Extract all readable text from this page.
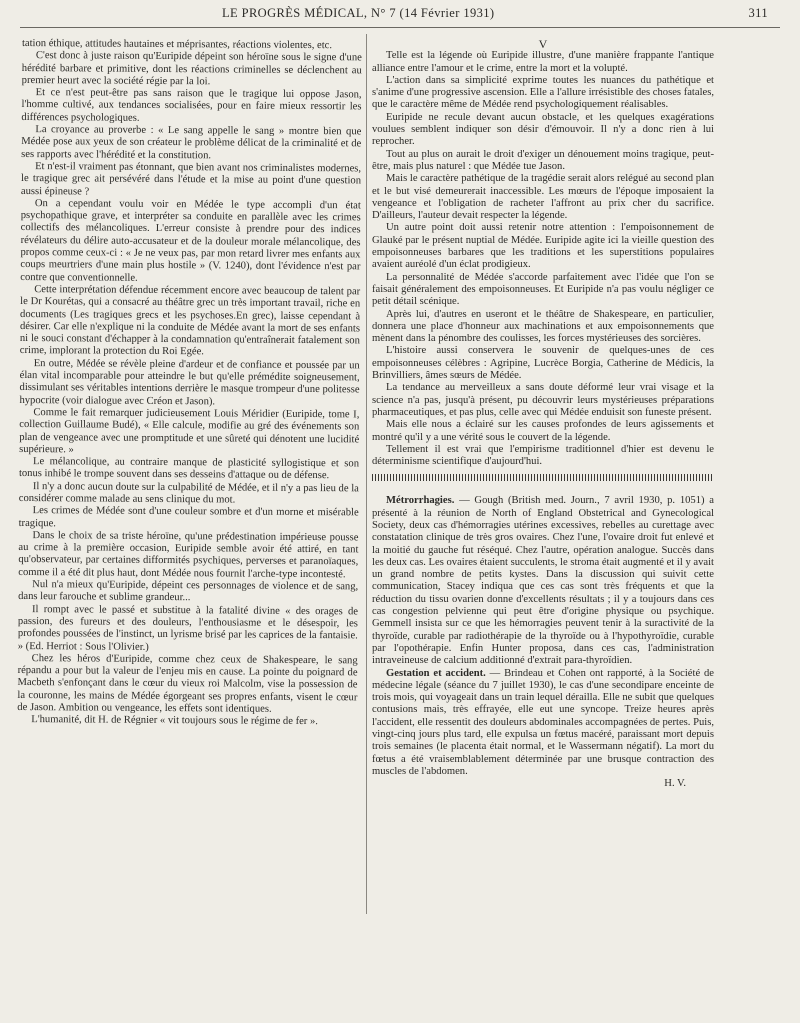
LE PROGRÈS MÉDICAL, N° 7 (14 Février 1931)	311

tation éthique, attitudes hautaines et méprisantes, réactions violentes, etc.

C'est donc à juste raison qu'Euripide dépeint son héroïne sous le signe d'une hérédité barbare et primitive, dont les réactions criminelles se déclenchent au premier heurt avec la société régie par la loi.

Et ce n'est peut-être pas sans raison que le tragique lui oppose Jason, l'homme cultivé, aux tendances socialisées, pour en faire mieux ressortir les différences psychologiques.

La croyance au proverbe : « Le sang appelle le sang » montre bien que Médée pose aux yeux de son créateur le problème délicat de la criminalité et de ses rapports avec l'hérédité et la constitution.

Et n'est-il vraiment pas étonnant, que bien avant nos criminalistes modernes, le tragique grec ait persévéré dans l'étude et la mise au point d'une question aussi épineuse ?

On a cependant voulu voir en Médée le type accompli d'un état psychopathique grave, et interpréter sa conduite en parallèle avec les crimes collectifs des mélancoliques. L'erreur consiste à prendre pour des indices révélateurs du délire auto-accusateur et de la douleur morale mélancolique, des propos comme ceux-ci : « Je ne veux pas, par mon retard livrer mes enfants aux coups meurtriers d'une main plus hostile » (V. 1240), dont l'évidence n'est par contre que conventionnelle.

Cette interprétation défendue récemment encore avec beaucoup de talent par le Dr Kourétas, qui a consacré au théâtre grec un très important travail, riche en documents (Les tragiques grecs et les psychoses.En grec), laisse cependant à désirer. Car elle n'explique ni la conduite de Médée avant la mort de ses enfants ni le souci constant d'échapper à la condamnation qu'entraînerait fatalement son crime, implorant la protection du Roi Egée.

En outre, Médée se révèle pleine d'ardeur et de confiance et poussée par un élan vital incomparable pour atteindre le but qu'elle prémédite soigneusement, dissimulant ses véritables intentions derrière le masque trompeur d'une politesse hypocrite (voir dialogue avec Créon et Jason).

Comme le fait remarquer judicieusement Louis Méridier (Euripide, tome I, collection Guillaume Budé), « Elle calcule, modifie au gré des événements son plan de vengeance avec une promptitude et une sûreté qui dénotent une lucidité supérieure. »

Le mélancolique, au contraire manque de plasticité syllogistique et son tonus inhibé le trompe souvent dans ses desseins d'attaque ou de défense.

Il n'y a donc aucun doute sur la culpabilité de Médée, et il n'y a pas lieu de la considérer comme malade au sens clinique du mot.

Les crimes de Médée sont d'une couleur sombre et d'un morne et misérable tragique.

Dans le choix de sa triste héroïne, qu'une prédestination impérieuse pousse au crime à la première occasion, Euripide semble avoir été attiré, en tant qu'observateur, par certaines difformités psychiques, perverses et paranoïaques, comme il a été dit plus haut, dont Médée nous fournit l'arche-type incontesté.

Nul n'a mieux qu'Euripide, dépeint ces personnages de violence et de sang, dans leur farouche et sublime grandeur...

Il rompt avec le passé et substitue à la fatalité divine « des orages de passion, des fureurs et des douleurs, l'enthousiasme et le désespoir, les profondes poussées de l'instinct, un lyrisme brisé par les caprices de la fantaisie. » (Ed. Herriot : Sous l'Olivier.)

Chez les héros d'Euripide, comme chez ceux de Shakespeare, le sang répandu a pour but la valeur de l'enjeu mis en cause. La pointe du poignard de Macbeth s'enfonçant dans le cœur du vieux roi Malcolm, vise la possession de la couronne, les mains de Médée égorgeant ses propres enfants, visent le cœur de Jason. Ambition ou vengeance, les effets sont identiques.

L'humanité, dit H. de Régnier « vit toujours sous le régime de fer ».

V

Telle est la légende où Euripide illustre, d'une manière frappante l'antique alliance entre l'amour et le crime, entre la mort et la volupté.

L'action dans sa simplicité exprime toutes les nuances du pathétique et s'anime d'une progressive ascension. Elle a l'allure irrésistible des choses fatales, que le caractère même de Médée rend psychologiquement réalisables.

Euripide ne recule devant aucun obstacle, et les quelques exagérations voulues semblent indiquer son désir d'émouvoir. Il n'y a donc rien à lui reprocher.

Tout au plus on aurait le droit d'exiger un dénouement moins tragique, peut-être, mais plus naturel : que Médée tue Jason.

Mais le caractère pathétique de la tragédie serait alors relégué au second plan et le but visé demeurerait inaccessible. Les mœurs de l'époque imposaient la vengeance et l'obligation de racheter l'affront au prix cher du sacrifice. D'ailleurs, l'auteur devait respecter la légende.

Un autre point doit aussi retenir notre attention : l'empoisonnement de Glauké par le présent nuptial de Médée. Euripide agite ici la vieille question des empoisonneuses barbares que les traditions et les superstitions populaires avaient auréolé d'un éclat prodigieux.

La personnalité de Médée s'accorde parfaitement avec l'idée que l'on se faisait généralement des empoisonneuses. Et Euripide n'a pas voulu négliger ce petit détail scénique.

Après lui, d'autres en useront et le théâtre de Shakespeare, en particulier, donnera une place d'honneur aux machinations et aux empoisonnements que mènent dans la pénombre des coulisses, les forces mystérieuses des sorcières.

L'histoire aussi conservera le souvenir de quelques-unes de ces empoisonneuses célèbres : Agripine, Lucrèce Borgia, Catherine de Médicis, la Brinvilliers, âmes sœurs de Médée.

La tendance au merveilleux a sans doute déformé leur vrai visage et la science n'a pas, jusqu'à présent, pu découvrir leurs mystérieuses préparations pharmaceutiques, et pas plus, celle avec qui Médée enduisit son funeste présent.

Mais elle nous a éclairé sur les causes profondes de leurs agissements et montré qu'il y a une vérité sous le couvert de la légende.

Tellement il est vrai que l'empirisme traditionnel d'hier est devenu le déterminisme scientifique d'aujourd'hui.

Métrorrhagies. — Gough (British med. Journ., 7 avril 1930, p. 1051) a présenté à la réunion de North of England Obstetrical and Gynecological Society, deux cas d'hémorragies utérines excessives, rebelles au curettage avec constatation clinique de très gros ovaires. Chez l'une, l'ovaire droit fut enlevé et la moitié du gauche fut réséqué. Chez l'autre, opération analogue. Succès dans les deux cas. Les ovaires étaient succulents, le stroma était augmenté et il y avait un grand nombre de petits kystes. Dans la discussion qui suivit cette communication, Stacey indiqua que ces cas sont très fréquents et que la réduction du tissu ovarien donne d'excellents résultats ; il y a toujours dans ces cas congestion pelvienne qui peut être d'origine physique ou psychique. Gemmell insista sur ce que les hémorragies peuvent tenir à la suractivité de la thyroïde, curable par radiothérapie de la thyroïde ou à l'hypothyroïdie, curable par l'opothérapie. Enfin Hunter proposa, dans ces cas, l'administration intraveineuse de calcium additionné d'extrait para-thyroïdien.

Gestation et accident. — Brindeau et Cohen ont rapporté, à la Société de médecine légale (séance du 7 juillet 1930), le cas d'une secondipare enceinte de trois mois, qui voyageait dans un train lequel dérailla. Elle ne subit que quelques contusions mais, très effrayée, elle eut une syncope. Treize heures après l'accident, elle ressentit des douleurs abdominales accompagnées de pertes. Puis, vingt-cinq jours plus tard, elle expulsa un fœtus macéré, paraissant mort depuis trois semaines (le placenta était normal, et le Wassermann négatif). La mort du fœtus a été vraisemblablement déterminée par une brusque contraction des muscles de l'abdomen.

H. V.
